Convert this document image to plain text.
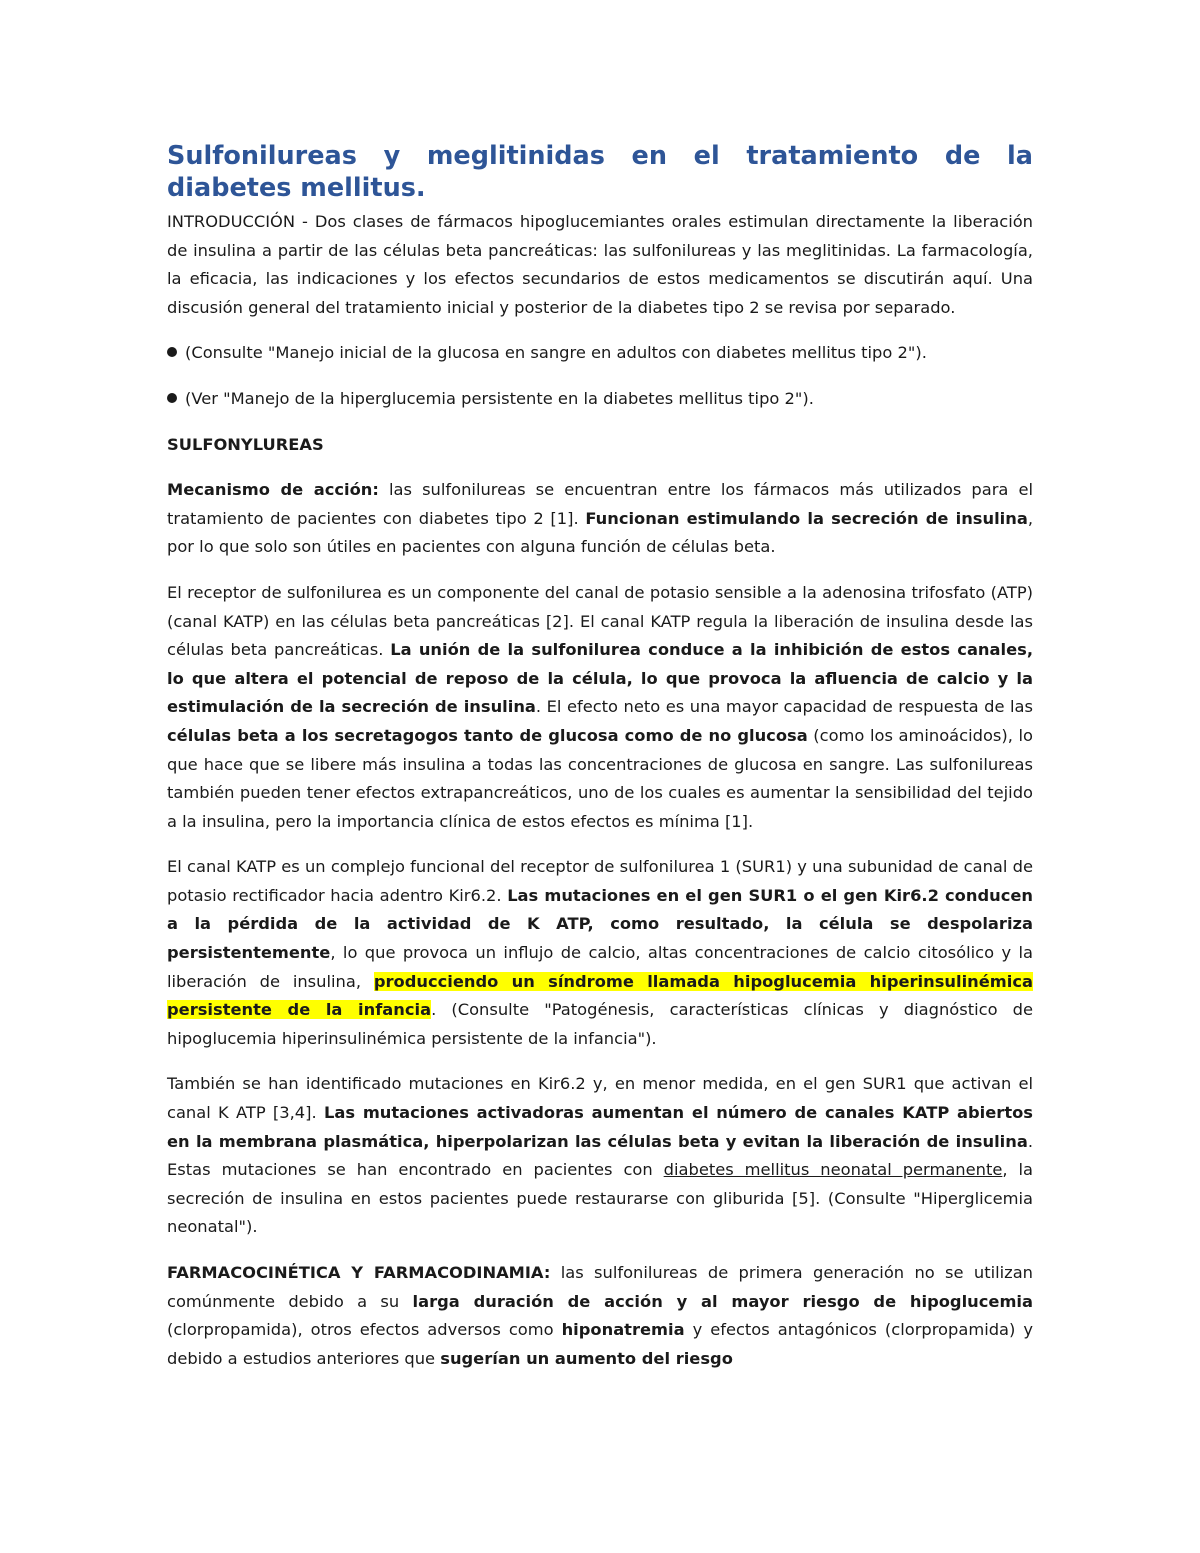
Sulfonilureas y meglitinidas en el tratamiento de la
diabetes mellitus.

INTRODUCCIÓN - Dos clases de fármacos hipoglucemiantes orales estimulan directamente la liberación de insulina a partir de las células beta pancreáticas: las sulfonilureas y las meglitinidas. La farmacología, la eficacia, las indicaciones y los efectos secundarios de estos medicamentos se discutirán aquí. Una discusión general del tratamiento inicial y posterior de la diabetes tipo 2 se revisa por separado.

(Consulte "Manejo inicial de la glucosa en sangre en adultos con diabetes mellitus tipo 2").
(Ver "Manejo de la hiperglucemia persistente en la diabetes mellitus tipo 2").
SULFONYLUREAS

Mecanismo de acción: las sulfonilureas se encuentran entre los fármacos más utilizados para el tratamiento de pacientes con diabetes tipo 2 [1]. Funcionan estimulando la secreción de insulina, por lo que solo son útiles en pacientes con alguna función de células beta.

El receptor de sulfonilurea es un componente del canal de potasio sensible a la adenosina trifosfato (ATP) (canal KATP) en las células beta pancreáticas [2]. El canal KATP regula la liberación de insulina desde las células beta pancreáticas. La unión de la sulfonilurea conduce a la inhibición de estos canales, lo que altera el potencial de reposo de la célula, lo que provoca la afluencia de calcio y la estimulación de la secreción de insulina. El efecto neto es una mayor capacidad de respuesta de las células beta a los secretagogos tanto de glucosa como de no glucosa (como los aminoácidos), lo que hace que se libere más insulina a todas las concentraciones de glucosa en sangre. Las sulfonilureas también pueden tener efectos extrapancreáticos, uno de los cuales es aumentar la sensibilidad del tejido a la insulina, pero la importancia clínica de estos efectos es mínima [1].

El canal KATP es un complejo funcional del receptor de sulfonilurea 1 (SUR1) y una subunidad de canal de potasio rectificador hacia adentro Kir6.2. Las mutaciones en el gen SUR1 o el gen Kir6.2 conducen a la pérdida de la actividad de K ATP, como resultado, la célula se despolariza persistentemente, lo que provoca un influjo de calcio, altas concentraciones de calcio citosólico y la liberación de insulina, producciendo un síndrome llamada hipoglucemia hiperinsulinémica persistente de la infancia. (Consulte "Patogénesis, características clínicas y diagnóstico de hipoglucemia hiperinsulinémica persistente de la infancia").

También se han identificado mutaciones en Kir6.2 y, en menor medida, en el gen SUR1 que activan el canal K ATP [3,4]. Las mutaciones activadoras aumentan el número de canales KATP abiertos en la membrana plasmática, hiperpolarizan las células beta y evitan la liberación de insulina. Estas mutaciones se han encontrado en pacientes con diabetes mellitus neonatal permanente, la secreción de insulina en estos pacientes puede restaurarse con gliburida [5]. (Consulte "Hiperglicemia neonatal").

FARMACOCINÉTICA Y FARMACODINAMIA: las sulfonilureas de primera generación no se utilizan comúnmente debido a su larga duración de acción y al mayor riesgo de hipoglucemia (clorpropamida), otros efectos adversos como hiponatremia y efectos antagónicos (clorpropamida) y debido a estudios anteriores que sugerían un aumento del riesgo
